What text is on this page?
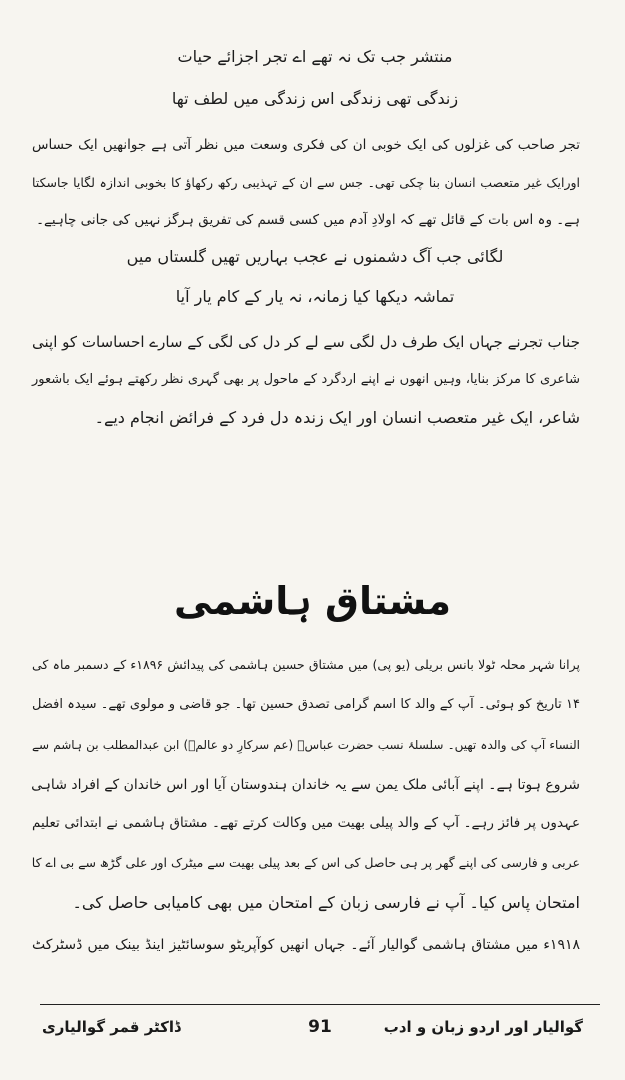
منتشر جب تک نہ تھے اے تجر اجزائے حیات
زندگی تھی زندگی اس زندگی میں لطف تھا
تجر صاحب کی غزلوں کی ایک خوبی ان کی فکری وسعت میں نظر آتی ہے جوانھیں ایک حساس
اورایک غیر متعصب انسان بنا چکی تھی۔ جس سے ان کے تہذیبی رکھ رکھاؤ کا بخوبی اندازہ لگایا جاسکتا
ہے۔ وہ اس بات کے قائل تھے کہ اولادِ آدم میں کسی قسم کی تفریق ہرگز نہیں کی جانی چاہیے۔
لگائی جب آگ دشمنوں نے عجب بہاریں تھیں گلستاں میں
تماشہ دیکھا کیا زمانہ، نہ یار کے کام یار آیا
جناب تجرنے جہاں ایک طرف دل لگی سے لے کر دل کی لگی کے سارے احساسات کو اپنی
شاعری کا مرکز بنایا، وہیں انھوں نے اپنے اردگرد کے ماحول پر بھی گہری نظر رکھتے ہوئے ایک باشعور
شاعر، ایک غیر متعصب انسان اور ایک زندہ دل فرد کے فرائض انجام دیے۔
مشتاق ہاشمی
پرانا شہر محلہ ٹولا بانس بریلی (یو پی) میں مشتاق حسین ہاشمی کی پیدائش ۱۸۹۶ء کے دسمبر ماہ کی
۱۴ تاریخ کو ہوئی۔ آپ کے والد کا اسم گرامی تصدق حسین تھا۔ جو قاضی و مولوی تھے۔ سیدہ افضل
النساء آپ کی والدہ تھیں۔ سلسلۂ نسب حضرت عباسؓ (عم سرکارِ دو عالمؐ) ابن عبدالمطلب بن ہاشم سے
شروع ہوتا ہے۔ اپنے آبائی ملک یمن سے یہ خاندان ہندوستان آیا اور اس خاندان کے افراد شاہی
عہدوں پر فائز رہے۔ آپ کے والد پیلی بھیت میں وکالت کرتے تھے۔ مشتاق ہاشمی نے ابتدائی تعلیم
عربی و فارسی کی اپنے گھر پر ہی حاصل کی اس کے بعد پیلی بھیت سے میٹرک اور علی گڑھ سے بی اے کا
امتحان پاس کیا۔ آپ نے فارسی زبان کے امتحان میں بھی کامیابی حاصل کی۔
۱۹۱۸ء میں مشتاق ہاشمی گوالیار آئے۔ جہاں انھیں کوآپریٹو سوسائٹیز اینڈ بینک میں ڈسٹرکٹ
گوالیار اور اردو زبان و ادب
91
ڈاکٹر قمر گوالیاری
